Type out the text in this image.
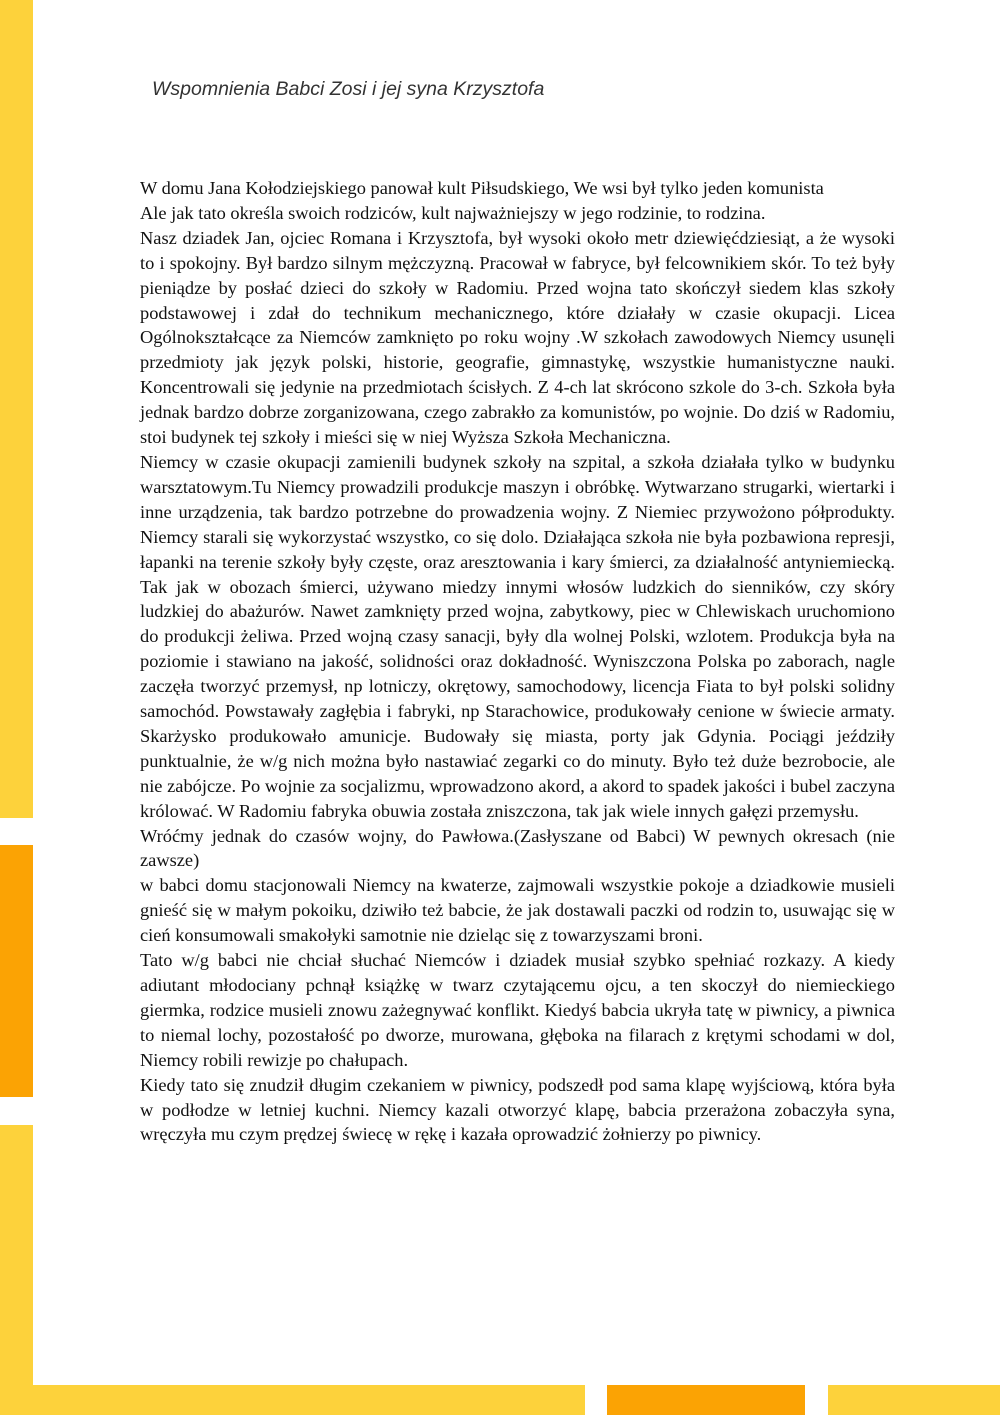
Wspomnienia Babci Zosi i jej syna Krzysztofa

W domu Jana Kołodziejskiego panował kult Piłsudskiego, We wsi był tylko jeden komunista
Ale jak tato określa swoich rodziców, kult najważniejszy w jego rodzinie, to rodzina.

Nasz dziadek Jan, ojciec Romana i Krzysztofa, był wysoki około metr dziewięćdziesiąt, a że wysoki to i spokojny. Był bardzo silnym mężczyzną. Pracował w fabryce, był felcownikiem skór. To też były pieniądze by posłać dzieci do szkoły w Radomiu. Przed wojna tato skończył siedem klas szkoły podstawowej i zdał do technikum mechanicznego, które działały w czasie okupacji. Licea Ogólnokształcące za Niemców zamknięto po roku wojny .W szkołach zawodowych Niemcy usunęli przedmioty jak język polski, historie, geografie, gimnastykę, wszystkie humanistyczne nauki. Koncentrowali się jedynie na przedmiotach ścisłych. Z 4-ch lat skrócono szkole do 3-ch. Szkoła była jednak bardzo dobrze zorganizowana, czego zabrakło za komunistów, po wojnie. Do dziś w Radomiu, stoi budynek tej szkoły i mieści się w niej Wyższa Szkoła Mechaniczna.

Niemcy w czasie okupacji zamienili budynek szkoły na szpital, a szkoła działała tylko w budynku warsztatowym.Tu Niemcy prowadzili produkcje maszyn i obróbkę. Wytwarzano strugarki, wiertarki i inne urządzenia, tak bardzo potrzebne do prowadzenia wojny. Z Niemiec przywożono półprodukty. Niemcy starali się wykorzystać wszystko, co się dolo. Działająca szkoła nie była pozbawiona represji, łapanki na terenie szkoły były częste, oraz aresztowania i kary śmierci, za działalność antyniemiecką. Tak jak w obozach śmierci, używano miedzy innymi włosów ludzkich do sienników, czy skóry ludzkiej do abażurów. Nawet zamknięty przed wojna, zabytkowy, piec w Chlewiskach uruchomiono do produkcji żeliwa. Przed wojną czasy sanacji, były dla wolnej Polski, wzlotem. Produkcja była na poziomie i stawiano na jakość, solidności oraz dokładność. Wyniszczona Polska po zaborach, nagle zaczęła tworzyć przemysł, np lotniczy, okrętowy, samochodowy, licencja Fiata to był polski solidny samochód. Powstawały zagłębia i fabryki, np Starachowice, produkowały cenione w świecie armaty. Skarżysko produkowało amunicje. Budowały się miasta, porty jak Gdynia. Pociągi jeździły punktualnie, że w/g nich można było nastawiać zegarki co do minuty. Było też duże bezrobocie, ale nie zabójcze. Po wojnie za socjalizmu, wprowadzono akord, a akord to spadek jakości i bubel zaczyna królować. W Radomiu fabryka obuwia została zniszczona, tak jak wiele innych gałęzi przemysłu.

Wróćmy jednak do czasów wojny, do Pawłowa.(Zasłyszane od Babci) W pewnych okresach (nie zawsze)

w babci domu stacjonowali Niemcy na kwaterze, zajmowali wszystkie pokoje a dziadkowie musieli gnieść się w małym pokoiku, dziwiło też babcie, że jak dostawali paczki od rodzin to, usuwając się w cień konsumowali smakołyki samotnie nie dzieląc się z towarzyszami broni.

Tato w/g babci nie chciał słuchać Niemców i dziadek musiał szybko spełniać rozkazy. A kiedy adiutant młodociany pchnął książkę w twarz czytającemu ojcu, a ten skoczył do niemieckiego giermka, rodzice musieli znowu zażegnywać konflikt. Kiedyś babcia ukryła tatę w piwnicy, a piwnica to niemal lochy, pozostałość po dworze, murowana, głęboka na filarach z krętymi schodami w dol, Niemcy robili rewizje po chałupach.

Kiedy tato się znudził długim czekaniem w piwnicy, podszedł pod sama klapę wyjściową, która była w podłodze w letniej kuchni. Niemcy kazali otworzyć klapę, babcia przerażona zobaczyła syna, wręczyła mu czym prędzej świecę w rękę i kazała oprowadzić żołnierzy po piwnicy.
